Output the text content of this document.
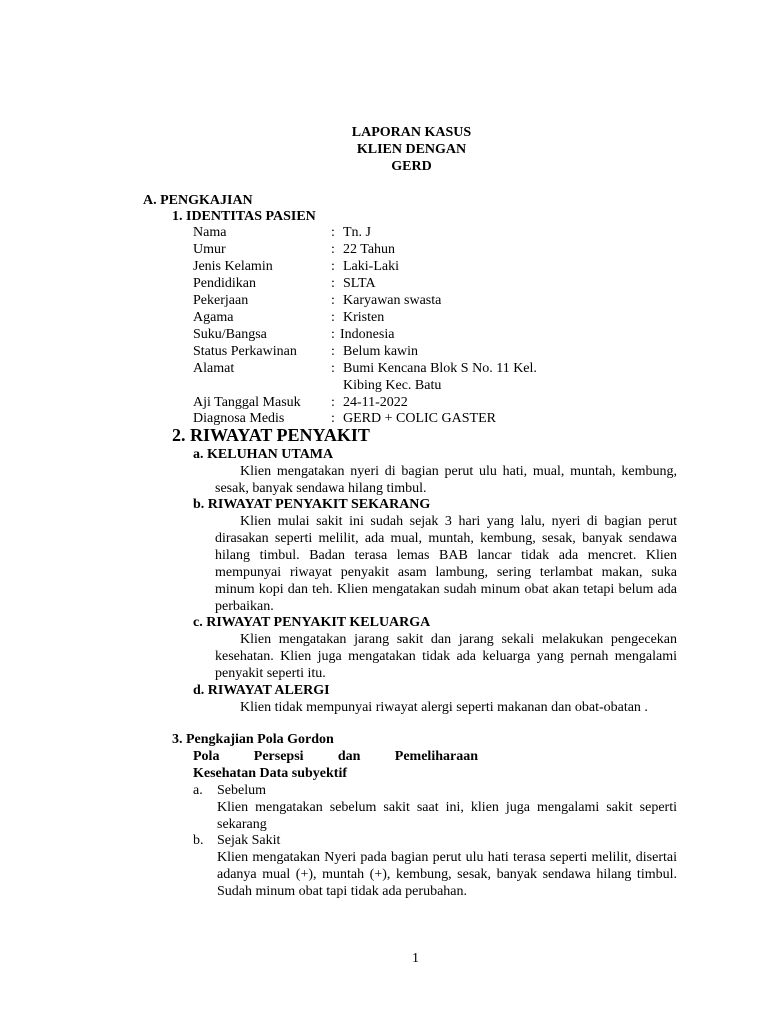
LAPORAN KASUS
KLIEN DENGAN
GERD
A. PENGKAJIAN
1. IDENTITAS PASIEN
Nama	: Tn. J
Umur	: 22 Tahun
Jenis Kelamin	: Laki-Laki
Pendidikan	: SLTA
Pekerjaan	: Karyawan swasta
Agama	: Kristen
Suku/Bangsa	: Indonesia
Status Perkawinan : Belum kawin
Alamat	: Bumi Kencana Blok S No. 11 Kel.
Kibing Kec. Batu
Aji Tanggal Masuk : 24-11-2022
Diagnosa Medis	: GERD + COLIC GASTER
2. RIWAYAT PENYAKIT
a. KELUHAN UTAMA
Klien mengatakan nyeri di bagian perut ulu hati, mual, muntah, kembung, sesak, banyak sendawa hilang timbul.
b. RIWAYAT PENYAKIT SEKARANG
Klien mulai sakit ini sudah sejak 3 hari yang lalu, nyeri di bagian perut dirasakan seperti melilit, ada mual, muntah, kembung, sesak, banyak sendawa hilang timbul. Badan terasa lemas BAB lancar tidak ada mencret. Klien mempunyai riwayat penyakit asam lambung, sering terlambat makan, suka minum kopi dan teh. Klien mengatakan sudah minum obat akan tetapi belum ada perbaikan.
c. RIWAYAT PENYAKIT KELUARGA
Klien mengatakan jarang sakit dan jarang sekali melakukan pengecekan kesehatan. Klien juga mengatakan tidak ada keluarga yang pernah mengalami penyakit seperti itu.
d. RIWAYAT ALERGI
Klien tidak mempunyai riwayat alergi seperti makanan dan obat-obatan .
3. Pengkajian Pola Gordon
Pola Persepsi dan Pemeliharaan
Kesehatan Data subyektif
a. Sebelum
Klien mengatakan sebelum sakit saat ini, klien juga mengalami sakit seperti sekarang
b. Sejak Sakit
Klien mengatakan Nyeri pada bagian perut ulu hati terasa seperti melilit, disertai adanya mual (+), muntah (+), kembung, sesak, banyak sendawa hilang timbul. Sudah minum obat tapi tidak ada perubahan.
1
